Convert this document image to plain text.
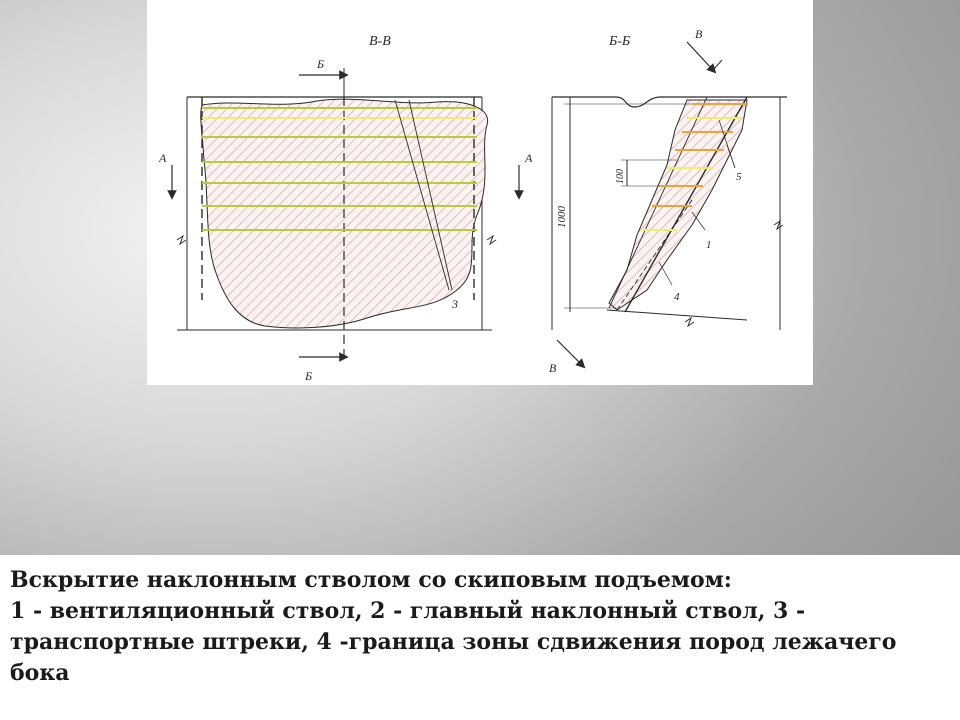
Б
В-В
Б
А	А
3
1000
100
Б-Б	В
В
1
4
5
Вскрытие наклонным стволом со скиповым подъемом:
1 - вентиляционный ствол, 2 - главный наклонный ствол, 3 - транспортные штреки, 4 -граница зоны сдвижения пород лежачего бока
